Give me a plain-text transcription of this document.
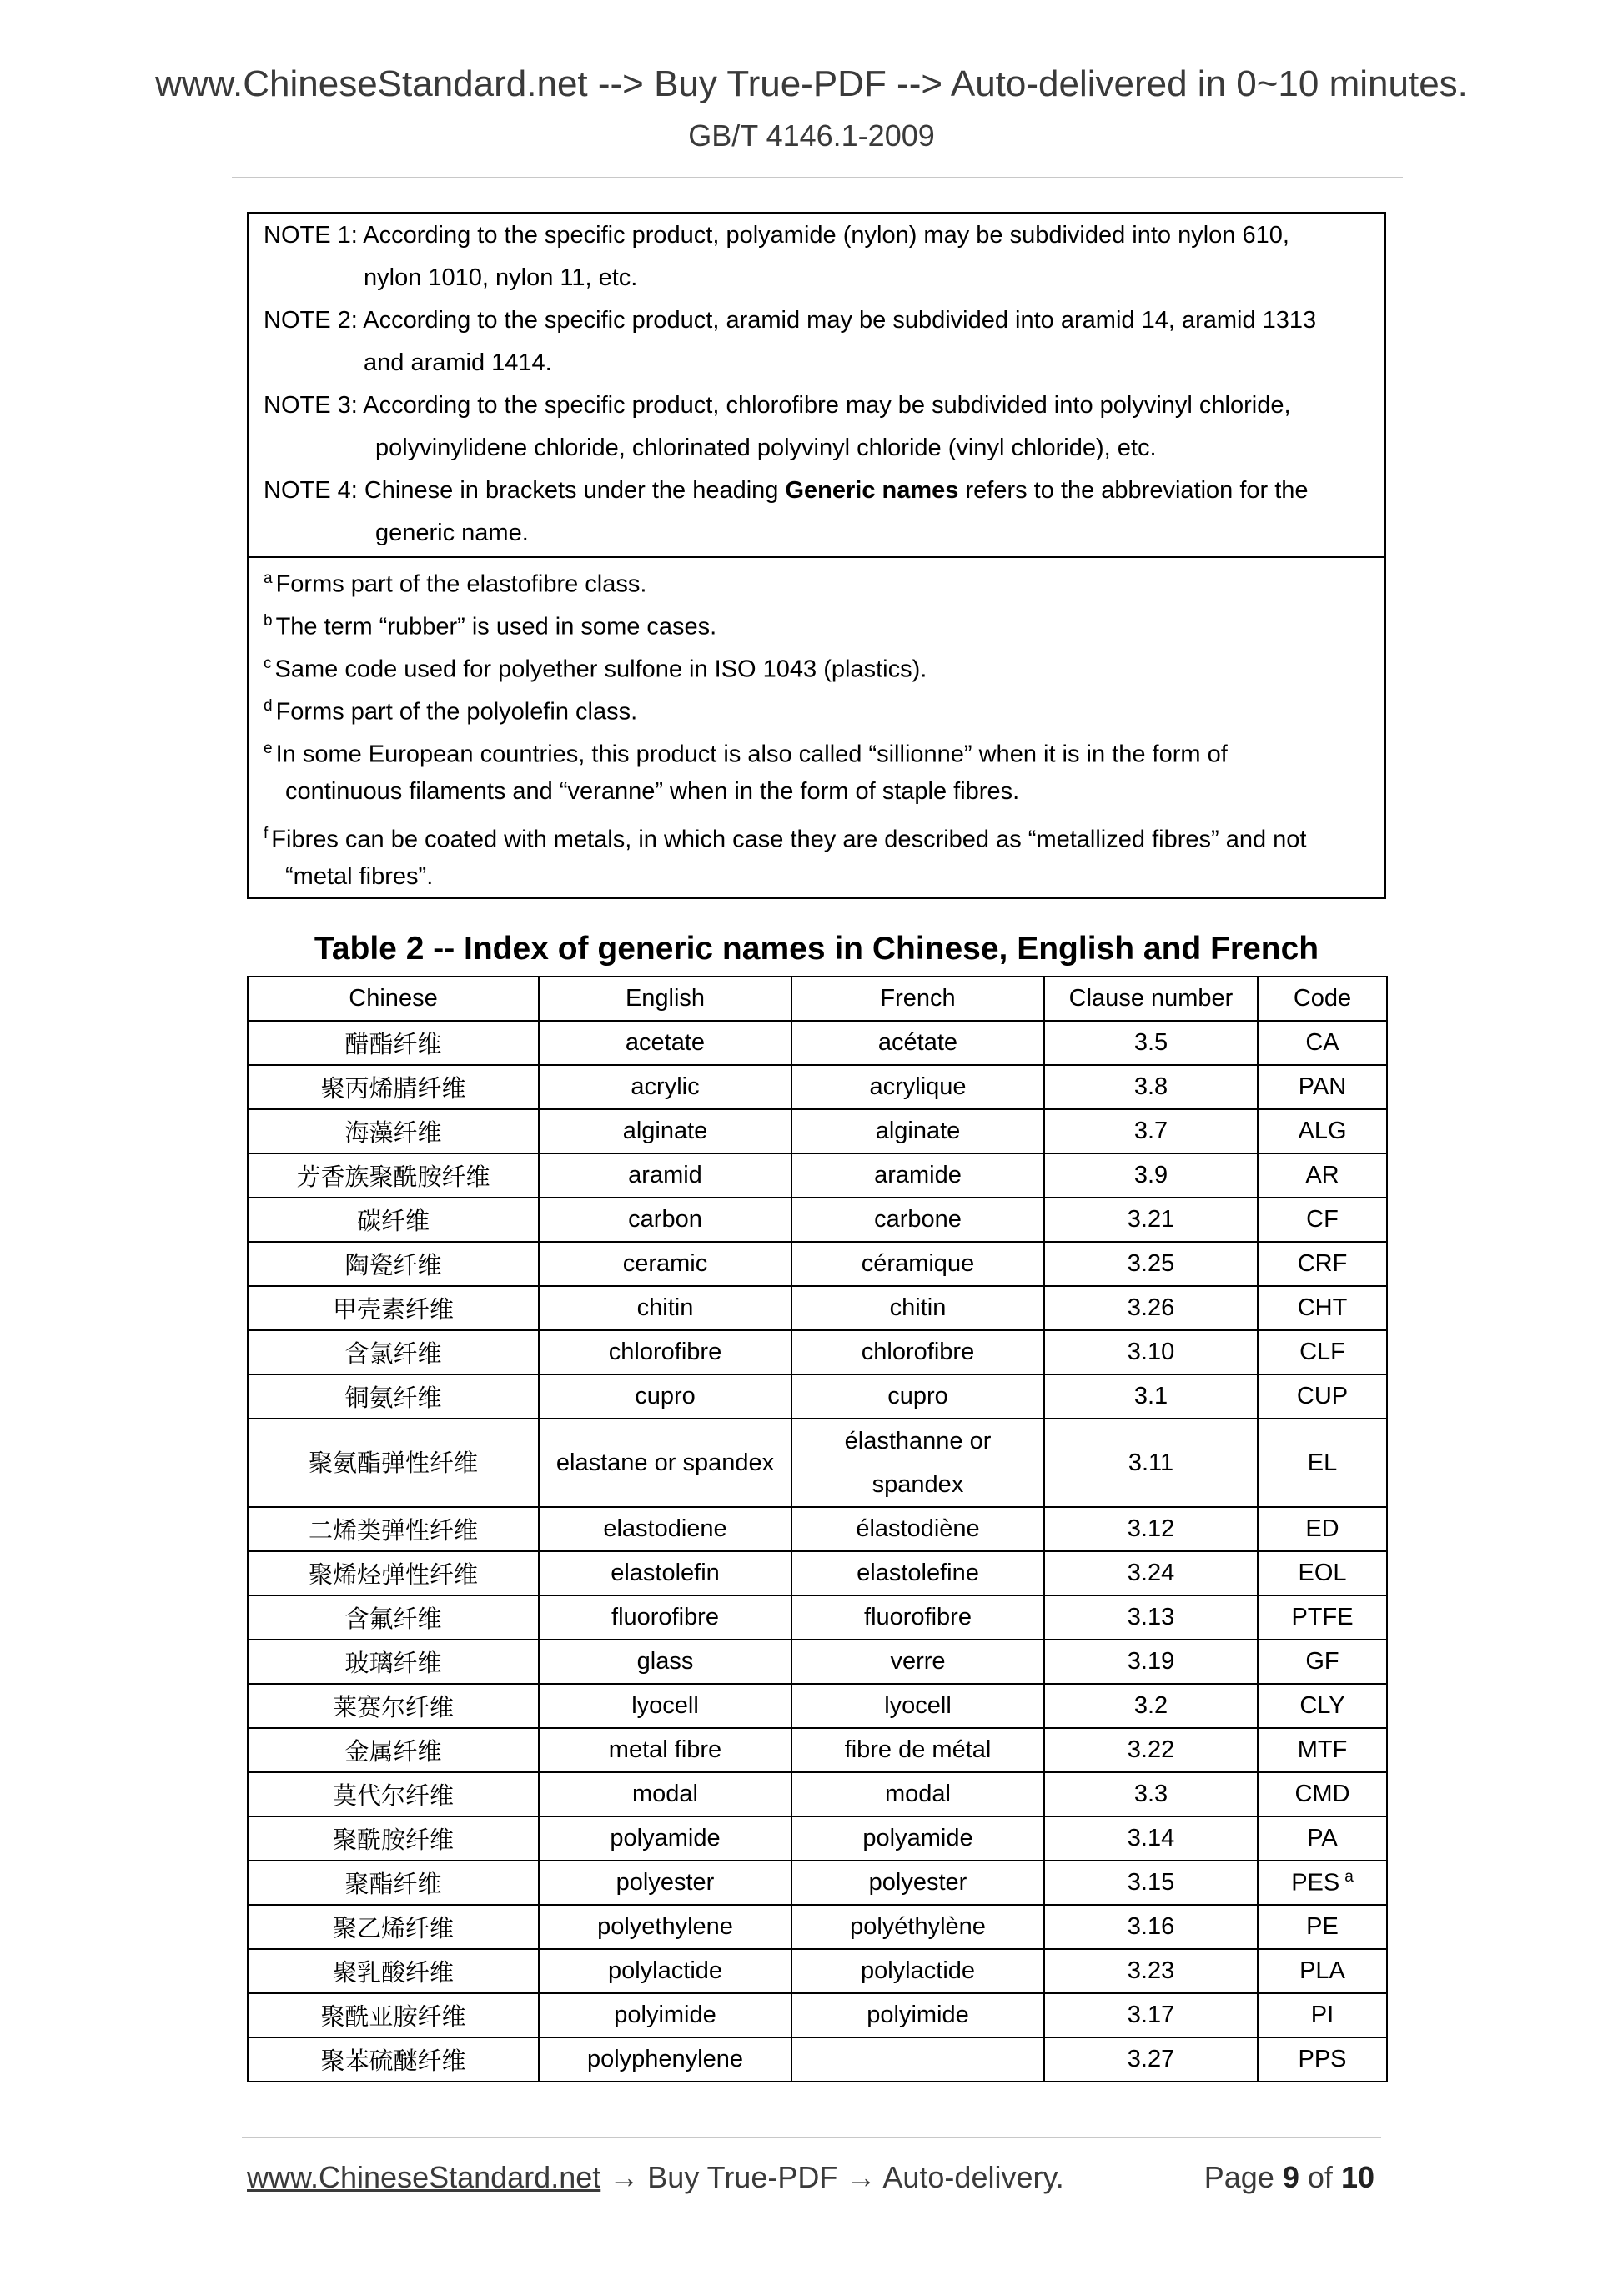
www.ChineseStandard.net --> Buy True-PDF --> Auto-delivered in 0~10 minutes.
GB/T 4146.1-2009
NOTE 1: According to the specific product, polyamide (nylon) may be subdivided into nylon 610,
nylon 1010, nylon 11, etc.
NOTE 2: According to the specific product, aramid may be subdivided into aramid 14, aramid 1313
and aramid 1414.
NOTE 3: According to the specific product, chlorofibre may be subdivided into polyvinyl chloride,
polyvinylidene chloride, chlorinated polyvinyl chloride (vinyl chloride), etc.
NOTE 4: Chinese in brackets under the heading Generic names refers to the abbreviation for the
generic name.
$^a$ Forms part of the elastofibre class.
$^b$ The term “rubber” is used in some cases.
$^c$ Same code used for polyether sulfone in ISO 1043 (plastics).
$^d$ Forms part of the polyolefin class.
$^e$ In some European countries, this product is also called “sillionne” when it is in the form of
continuous filaments and “veranne” when in the form of staple fibres.
$^f$ Fibres can be coated with metals, in which case they are described as “metallized fibres” and not
“metal fibres”.
Table 2 -- Index of generic names in Chinese, English and French
Chinese	English	French	Clause number	Code
醋酯纤维	acetate	acétate	3.5	CA
聚丙烯腈纤维	acrylic	acrylique	3.8	PAN
海藻纤维	alginate	alginate	3.7	ALG
芳香族聚酰胺纤维	aramid	aramide	3.9	AR
碳纤维	carbon	carbone	3.21	CF
陶瓷纤维	ceramic	céramique	3.25	CRF
甲壳素纤维	chitin	chitin	3.26	CHT
含氯纤维	chlorofibre	chlorofibre	3.10	CLF
铜氨纤维	cupro	cupro	3.1	CUP
聚氨酯弹性纤维	elastane or spandex	élasthanne or
spandex	3.11	EL
二烯类弹性纤维	elastodiene	élastodiène	3.12	ED
聚烯烃弹性纤维	elastolefin	elastolefine	3.24	EOL
含氟纤维	fluorofibre	fluorofibre	3.13	PTFE
玻璃纤维	glass	verre	3.19	GF
莱赛尔纤维	lyocell	lyocell	3.2	CLY
金属纤维	metal fibre	fibre de métal	3.22	MTF
莫代尔纤维	modal	modal	3.3	CMD
聚酰胺纤维	polyamide	polyamide	3.14	PA
聚酯纤维	polyester	polyester	3.15	PES $^a$
聚乙烯纤维	polyethylene	polyéthylène	3.16	PE
聚乳酸纤维	polylactide	polylactide	3.23	PLA
聚酰亚胺纤维	polyimide	polyimide	3.17	PI
聚苯硫醚纤维	polyphenylene		3.27	PPS
www.ChineseStandard.net → Buy True-PDF → Auto-delivery.	Page 9 of 10
